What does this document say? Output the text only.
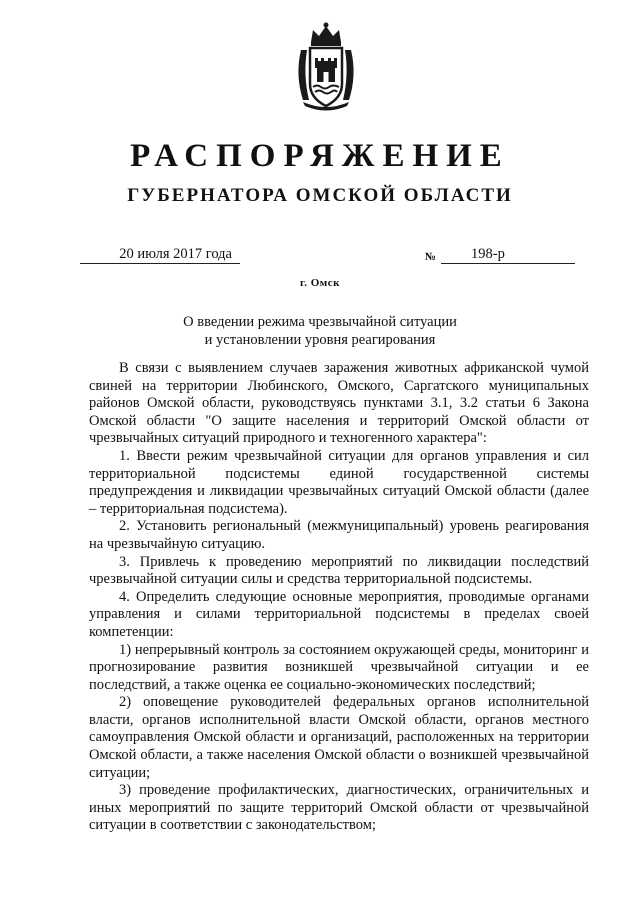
РАСПОРЯЖЕНИЕ
ГУБЕРНАТОРА ОМСКОЙ ОБЛАСТИ
20 июля 2017 года	№	198-р
г. Омск
О введении режима чрезвычайной ситуации
и установлении уровня реагирования

В связи с выявлением случаев заражения животных африканской чумой свиней на территории Любинского, Омского, Саргатского муниципальных районов Омской области, руководствуясь пунктами 3.1, 3.2 статьи 6 Закона Омской области "О защите населения и территорий Омской области от чрезвычайных ситуаций природного и техногенного характера":

1. Ввести режим чрезвычайной ситуации для органов управления и сил территориальной подсистемы единой государственной системы предупреждения и ликвидации чрезвычайных ситуаций Омской области (далее – территориальная подсистема).

2. Установить региональный (межмуниципальный) уровень реагирования на чрезвычайную ситуацию.

3. Привлечь к проведению мероприятий по ликвидации последствий чрезвычайной ситуации силы и средства территориальной подсистемы.

4. Определить следующие основные мероприятия, проводимые органами управления и силами территориальной подсистемы в пределах своей компетенции:

1) непрерывный контроль за состоянием окружающей среды, мониторинг и прогнозирование развития возникшей чрезвычайной ситуации и ее последствий, а также оценка ее социально-экономических последствий;

2) оповещение руководителей федеральных органов исполнительной власти, органов исполнительной власти Омской области, органов местного самоуправления Омской области и организаций, расположенных на территории Омской области, а также населения Омской области о возникшей чрезвычайной ситуации;

3) проведение профилактических, диагностических, ограничительных и иных мероприятий по защите территорий Омской области от чрезвычайной ситуации в соответствии с законодательством;
